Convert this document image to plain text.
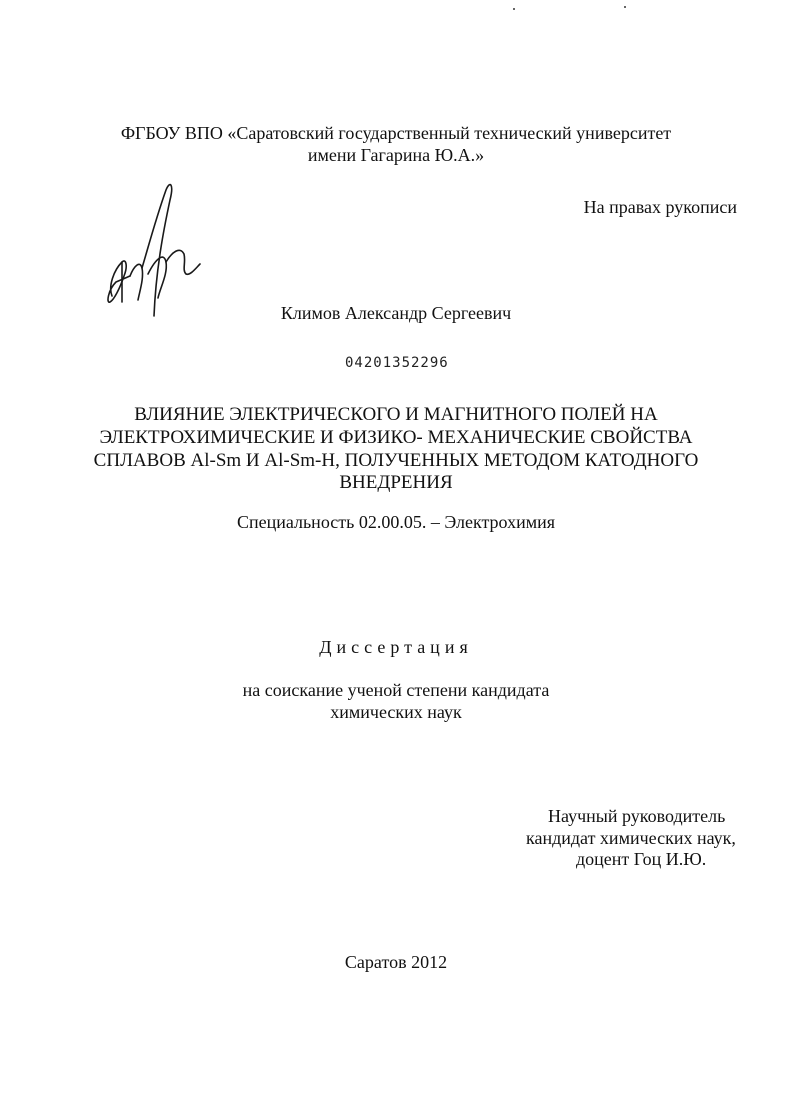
ФГБОУ ВПО «Саратовский государственный технический университет
имени Гагарина Ю.А.»
На правах рукописи
Климов Александр Сергеевич
04201352296
ВЛИЯНИЕ ЭЛЕКТРИЧЕСКОГО И МАГНИТНОГО ПОЛЕЙ НА
ЭЛЕКТРОХИМИЧЕСКИЕ И ФИЗИКО- МЕХАНИЧЕСКИЕ СВОЙСТВА
СПЛАВОВ Al-Sm И Al-Sm-H, ПОЛУЧЕННЫХ МЕТОДОМ КАТОДНОГО
ВНЕДРЕНИЯ
Специальность 02.00.05. – Электрохимия
Диссертация
на соискание ученой степени кандидата
химических наук
Научный руководитель
кандидат химических наук,
доцент Гоц И.Ю.
Саратов 2012
